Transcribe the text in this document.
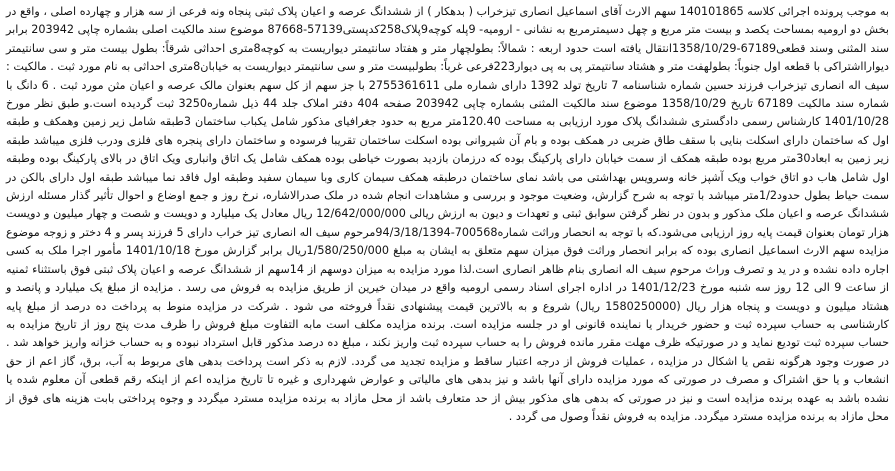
به موجب پرونده اجرائی کلاسه 140101865 سهم الارث آقای اسماعیل انصاری تیزخراب ( بدهکار ) از ششدانگ عرصه و اعیان پلاک ثبتی پنجاه ونه فرعی از سه هزار و چهارده اصلی ، واقع در بخش دو ارومیه بمساحت یکصد و بیست متر مربع و چهل دسیمترمربع به نشانی - ارومیه- 9پله کوچه9پلاک258کدپستی57139-87668 موضوع سند مالکیت اصلی بشماره چاپی 203942 برابر سند المثنی وسند قطعی67189-1358/10/29انتقال یافته است حدود اربعه : شمالاً: بطولچهار متر و هفتاد سانتیمتر دیواریست به کوچه8متری احداثی شرقاً: بطول بیست متر و سی سانتیمتر دیوارااشتراکی با قطعه اول جنوباً: بطولهفت متر و هشتاد سانتیمتر پی به پی دیوار223فرعی غرباً: بطولبیست متر و سی سانتیمتر دیواریست به خیابان8متری احداثی به نام مورد ثبت . مالکیت : سیف اله انصاری تیزخراب فرزند حسین شماره شناسنامه 7 تاریخ تولد 1392 دارای شماره ملی 2755361611 با جز سهم از کل سهم بعنوان مالک عرصه و اعیان مثن مورد ثبت . 6 دانگ با شماره سند مالکیت 67189 تاریخ 1358/10/29 موضوع سند مالکیت المثنی بشماره چاپی 203942 صفحه 404 دفتر املاک جلد 44 ذیل شماره3250 ثبت گردیده است.و طبق نظر مورخ 1401/10/28 کارشناس رسمی دادگستری ششدانگ پلاک مورد ارزیابی به مساحت 120.40متر مربع به حدود جغرافیای مذکور شامل یکباب ساختمان 3طبقه شامل زیر زمین وهمکف و طبقه اول که ساختمان دارای اسکلت بنایی با سقف طاق ضربی در همکف بوده و بام آن شیروانی بوده اسکلت ساختمان تقریبا فرسوده و ساختمان دارای پنجره های فلزی ودرب فلزی میباشد طبقه زیر زمین به ابعاد30متر مربع بوده طبقه همکف از سمت خیابان دارای پارکینگ بوده که درزمان بازدید بصورت خیاطی بوده همکف شامل یک اتاق وانباری ویک اتاق در بالای پارکینگ بوده وطبقه اول شامل هاب دو اتاق خواب ویک آشپز خانه وسرویس بهداشتی می باشد نمای ساختمان درطبقه همکف سیمان کاری وبا سیمان سفید وطبقه اول فاقد نما میباشد طبقه اول دارای بالکن در سمت حیاط بطول حدود1/2متر میباشد با توجه به شرح گزارش، وضعیت موجود و بررسی و مشاهدات انجام شده در ملک صدرالاشاره، نرخ روز و جمع اوضاع و احوال تأثیر گذار مسئله ارزش ششدانگ عرصه و اعیان ملک مذکور و بدون در نظر گرفتن سوابق ثبتی و تعهدات و دیون به ارزش ریالی 12/642/000/000 ریال معادل یک میلیارد و دویست و شصت و چهار میلیون و دویست هزار تومان بعنوان قیمت پایه روز ارزیابی می‌شود.که با توجه به انحصار وراثت شماره700568-94/3/18/1394مرحوم سیف اله انصاری تیز خراب دارای 5 فرزند پسر و 4 دختر و زوجه موضوع مزایده سهم الارث اسماعیل انصاری بوده که برابر انحصار وراثت فوق میزان سهم متعلق به ایشان به مبلغ 1/580/250/000ریال برابر گزارش مورخ 1401/10/18 مأمور اجرا ملک به کسی اجاره داده نشده و در ید و تصرف وراث مرحوم سیف اله انصاری بنام ظاهر انصاری است.لذا مورد مزایده به میزان دوسهم از 14سهم از ششدانگ عرصه و اعیان پلاک ثبتی فوق باستثناء ثمنیه از ساعت 9 الی 12 روز سه شنبه مورخ 1401/12/23 در اداره اجرای اسناد رسمی ارومیه واقع در میدان خیرین از طریق مزایده به فروش می رسد . مزایده از مبلغ یک میلیارد و پانصد و هشتاد میلیون و دویست و پنجاه هزار ریال (1580250000 ریال) شروع و به بالاترین قیمت پیشنهادی نقداً فروخته می شود . شرکت در مزایده منوط به پرداخت ده درصد از مبلغ پایه کارشناسی به حساب سپرده ثبت و حضور خریدار یا نماینده قانونی او در جلسه مزایده است. برنده مزایده مکلف است مابه التفاوت مبلغ فروش را ظرف مدت پنج روز از تاریخ مزایده به حساب سپرده ثبت تودیع نماید و در صورتیکه ظرف مهلت مقرر مانده فروش را به حساب سپرده ثبت واریز نکند ، مبلغ ده درصد مذکور قابل استرداد نبوده و به حساب خزانه واریز خواهد شد . در صورت وجود هرگونه نقص یا اشکال در مزایده ، عملیات فروش از درجه اعتبار ساقط و مزایده تجدید می گردد. لازم به ذکر است پرداخت بدهی های مربوط به آب، برق، گاز اعم از حق انشعاب و یا حق اشتراک و مصرف در صورتی که مورد مزایده دارای آنها باشد و نیز بدهی های مالیاتی و عوارض شهرداری و غیره تا تاریخ مزایده اعم از اینکه رقم قطعی آن معلوم شده یا نشده باشد به عهده برنده مزایده است و نیز در صورتی که بدهی های مذکور بیش از حد متعارف باشد از محل مازاد به برنده مزایده مسترد میگردد و وجوه پرداختی بابت هزینه های فوق از محل مازاد به برنده مزایده مسترد میگردد. مزایده به فروش نقداً وصول می گردد .
